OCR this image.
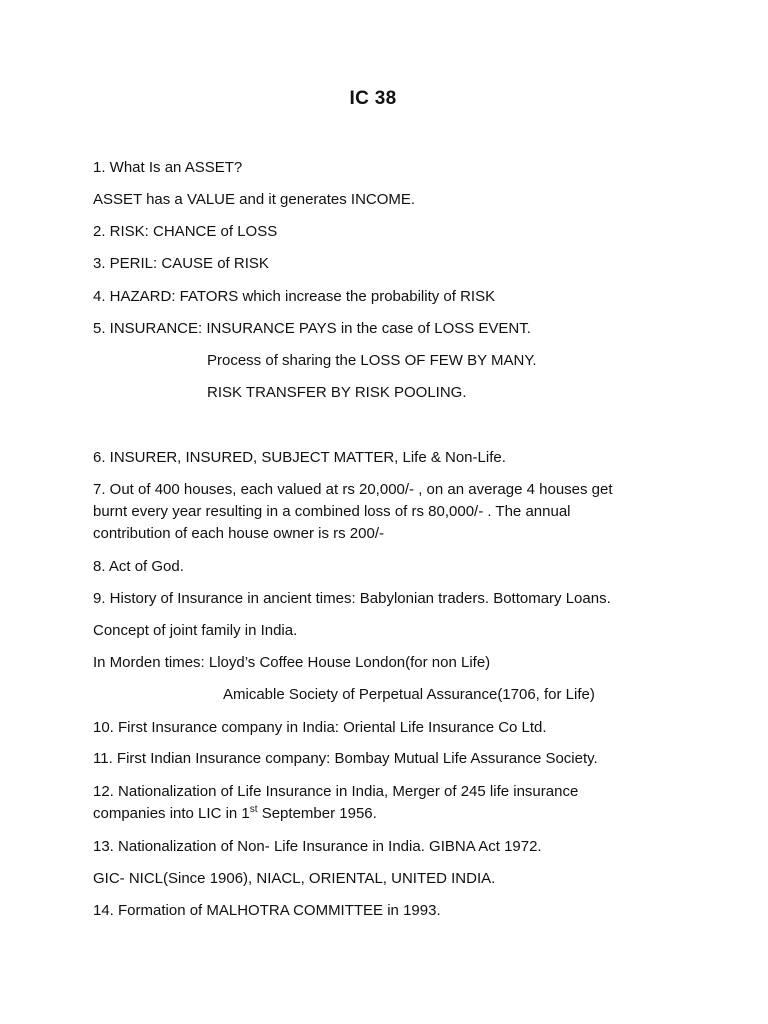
IC 38
1. What Is an ASSET?
ASSET has a VALUE and it generates INCOME.
2. RISK: CHANCE of LOSS
3. PERIL: CAUSE of RISK
4. HAZARD: FATORS which increase the probability of RISK
5. INSURANCE: INSURANCE PAYS in the case of LOSS EVENT.
Process of sharing the LOSS OF FEW BY MANY.
RISK TRANSFER BY RISK POOLING.
6. INSURER, INSURED, SUBJECT MATTER, Life & Non-Life.
7. Out of 400 houses, each valued at rs 20,000/- , on an average 4 houses get
burnt every year resulting in a combined loss of rs 80,000/- . The annual
contribution of each house owner is rs 200/-
8. Act of God.
9. History of Insurance in ancient times: Babylonian traders. Bottomary Loans.
Concept of joint family in India.
In Morden times: Lloyd’s Coffee House London(for non Life)
Amicable Society of Perpetual Assurance(1706, for Life)
10. First Insurance company in India: Oriental Life Insurance Co Ltd.
11. First Indian Insurance company: Bombay Mutual Life Assurance Society.
12. Nationalization of Life Insurance in India, Merger of 245 life insurance
companies into LIC in 1st September 1956.
13. Nationalization of Non- Life Insurance in India. GIBNA Act 1972.
GIC- NICL(Since 1906), NIACL, ORIENTAL, UNITED INDIA.
14. Formation of MALHOTRA COMMITTEE in 1993.
